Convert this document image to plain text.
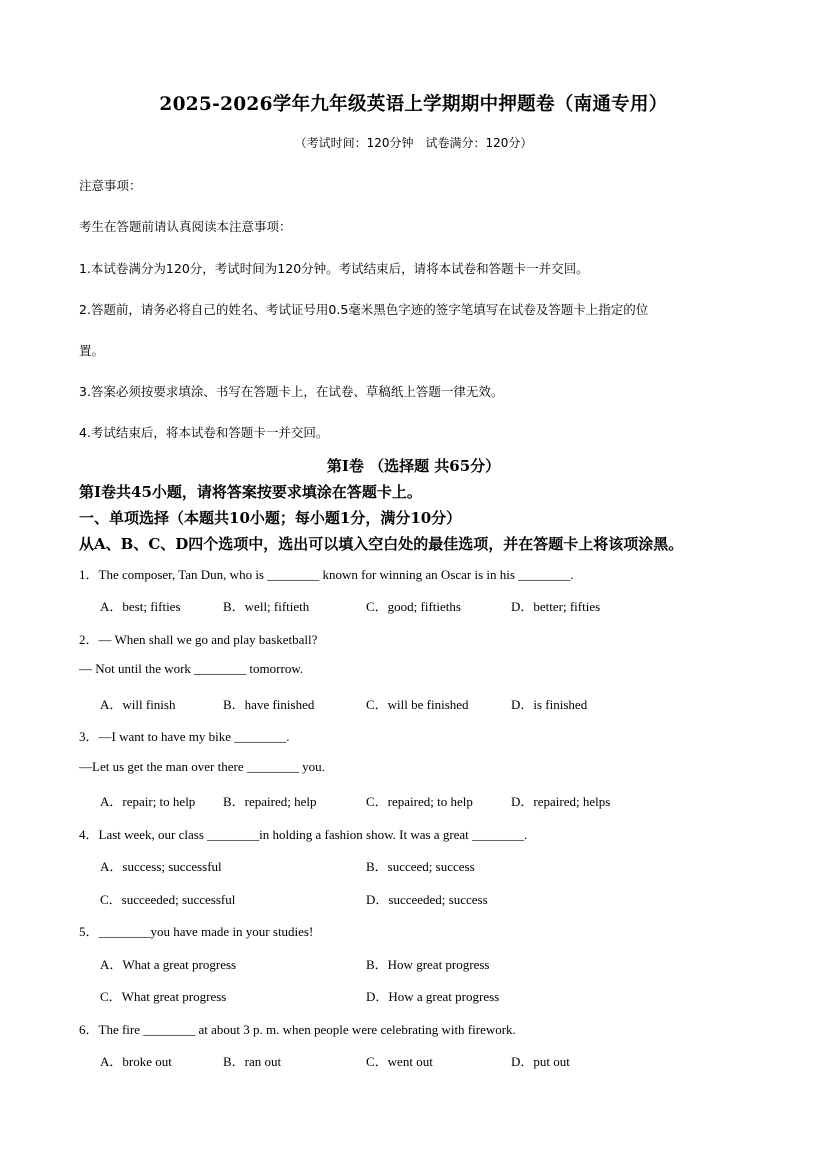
2025-2026学年九年级英语上学期期中押题卷（南通专用）
（考试时间：120分钟　试卷满分：120分）
注意事项：
考生在答题前请认真阅读本注意事项：
1.本试卷满分为120分，考试时间为120分钟。考试结束后，请将本试卷和答题卡一并交回。
2.答题前，请务必将自己的姓名、考试证号用0.5毫米黑色字迹的签字笔填写在试卷及答题卡上指定的位
置。
3.答案必须按要求填涂、书写在答题卡上，在试卷、草稿纸上答题一律无效。
4.考试结束后，将本试卷和答题卡一并交回。
第Ⅰ卷 （选择题 共65分）
第Ⅰ卷共45小题，请将答案按要求填涂在答题卡上。
一、单项选择（本题共10小题；每小题1分，满分10分）
从A、B、C、D四个选项中，选出可以填入空白处的最佳选项，并在答题卡上将该项涂黑。
1．The composer, Tan Dun, who is ________ known for winning an Oscar is in his ________.
A．best; fifties	B．well; fiftieth	C．good; fiftieths	D．better; fifties
2．— When shall we go and play basketball?
— Not until the work ________ tomorrow.
A．will finish	B．have finished	C．will be finished	D．is finished
3．—I want to have my bike ________.
—Let us get the man over there ________ you.
A．repair; to help B．repaired; help	C．repaired; to help	D．repaired; helps
4．Last week, our class ________in holding a fashion show. It was a great ________.
A．success; successful	B．succeed; success
C．succeeded; successful	D．succeeded; success
5．________you have made in your studies!
A．What a great progress	B．How great progress
C．What great progress	D．How a great progress
6．The fire ________ at about 3 p. m. when people were celebrating with firework.
A．broke out	B．ran out	C．went out	D．put out
